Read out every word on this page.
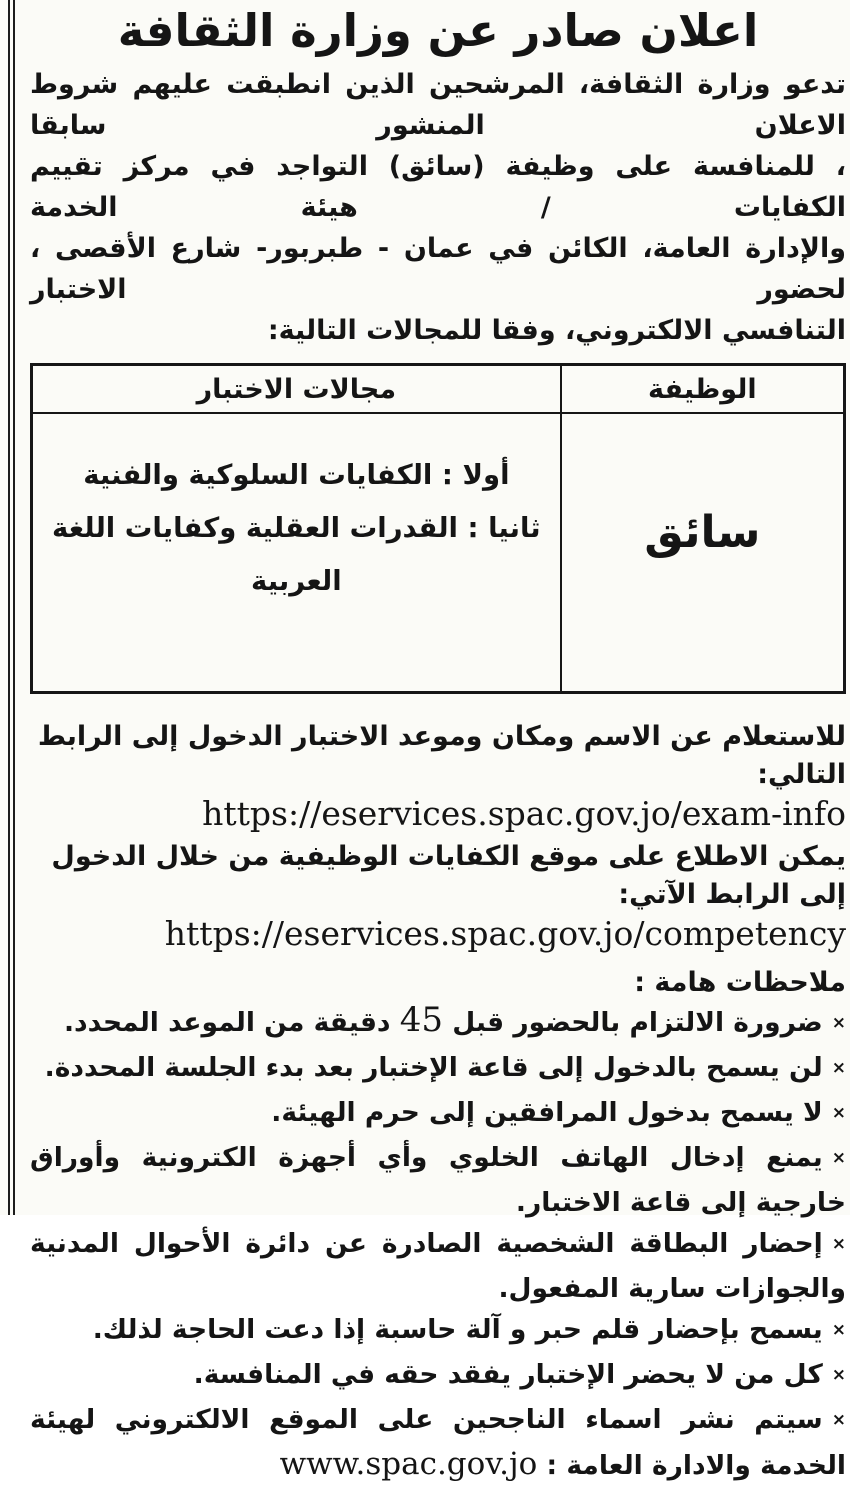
اعلان صادر عن وزارة الثقافة
تدعو وزارة الثقافة، المرشحين الذين انطبقت عليهم شروط الاعلان المنشور سابقا
، للمنافسة على وظيفة (سائق) التواجد في مركز تقييم الكفايات / هيئة الخدمة
والإدارة العامة، الكائن في عمان - طبربور- شارع الأقصى ، لحضور الاختبار
التنافسي الالكتروني، وفقا للمجالات التالية:
الوظيفة	مجالات الاختبار
سائق	أولا : الكفايات السلوكية والفنية
ثانيا : القدرات العقلية وكفايات اللغة العربية
للاستعلام عن الاسم ومكان وموعد الاختبار الدخول إلى الرابط التالي:
https://eservices.spac.gov.jo/exam-info
يمكن الاطلاع على موقع الكفايات الوظيفية من خلال الدخول إلى الرابط الآتي:
https://eservices.spac.gov.jo/competency
ملاحظات هامة :
×ضرورة الالتزام بالحضور قبل 45 دقيقة من الموعد المحدد.
×لن يسمح بالدخول إلى قاعة الإختبار بعد بدء الجلسة المحددة.
×لا يسمح بدخول المرافقين إلى حرم الهيئة.
×يمنع إدخال الهاتف الخلوي وأي أجهزة الكترونية وأوراق خارجية إلى قاعة الاختبار.
×إحضار البطاقة الشخصية الصادرة عن دائرة الأحوال المدنية والجوازات سارية المفعول.
×يسمح بإحضار قلم حبر و آلة حاسبة إذا دعت الحاجة لذلك.
×كل من لا يحضر الإختبار يفقد حقه في المنافسة.
×سيتم نشر اسماء الناجحين على الموقع الالكتروني لهيئة الخدمة والادارة العامة : www.spac.gov.jo
